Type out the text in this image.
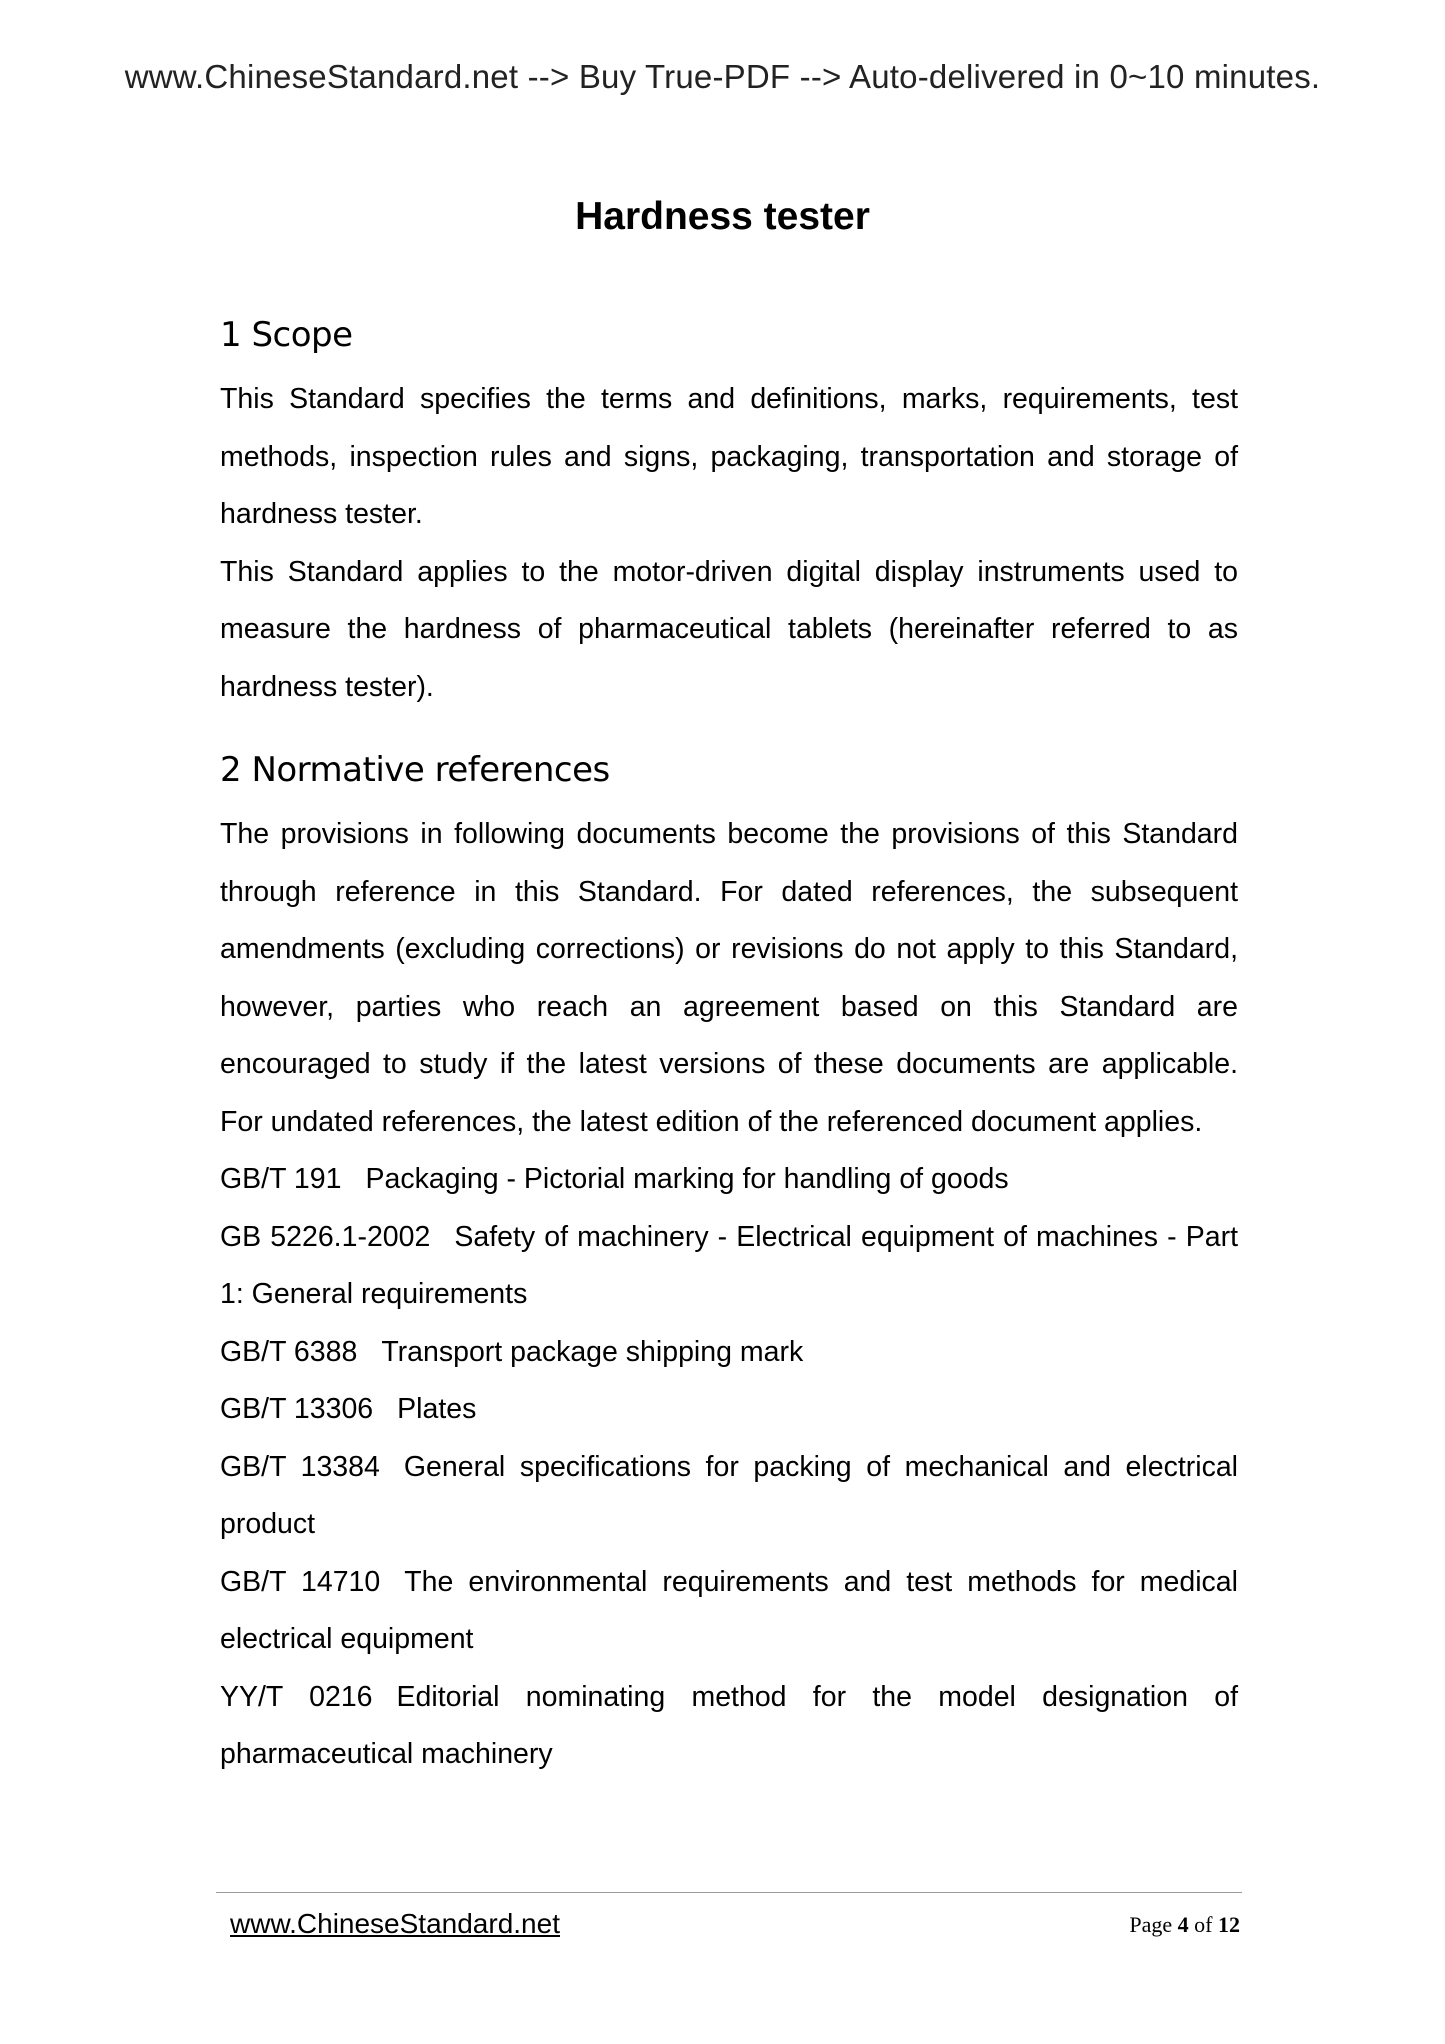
www.ChineseStandard.net --> Buy True-PDF --> Auto-delivered in 0~10 minutes.
Hardness tester
1 Scope

This Standard specifies the terms and definitions, marks, requirements, test methods, inspection rules and signs, packaging, transportation and storage of hardness tester.

This Standard applies to the motor-driven digital display instruments used to measure the hardness of pharmaceutical tablets (hereinafter referred to as hardness tester).

2 Normative references

The provisions in following documents become the provisions of this Standard through reference in this Standard. For dated references, the subsequent amendments (excluding corrections) or revisions do not apply to this Standard, however, parties who reach an agreement based on this Standard are encouraged to study if the latest versions of these documents are applicable. For undated references, the latest edition of the referenced document applies.

GB/T 191 Packaging - Pictorial marking for handling of goods
GB 5226.1-2002 Safety of machinery - Electrical equipment of machines - Part 1: General requirements
GB/T 6388 Transport package shipping mark
GB/T 13306 Plates
GB/T 13384 General specifications for packing of mechanical and electrical product
GB/T 14710 The environmental requirements and test methods for medical electrical equipment
YY/T 0216 Editorial nominating method for the model designation of pharmaceutical machinery
www.ChineseStandard.net	Page 4 of 12
